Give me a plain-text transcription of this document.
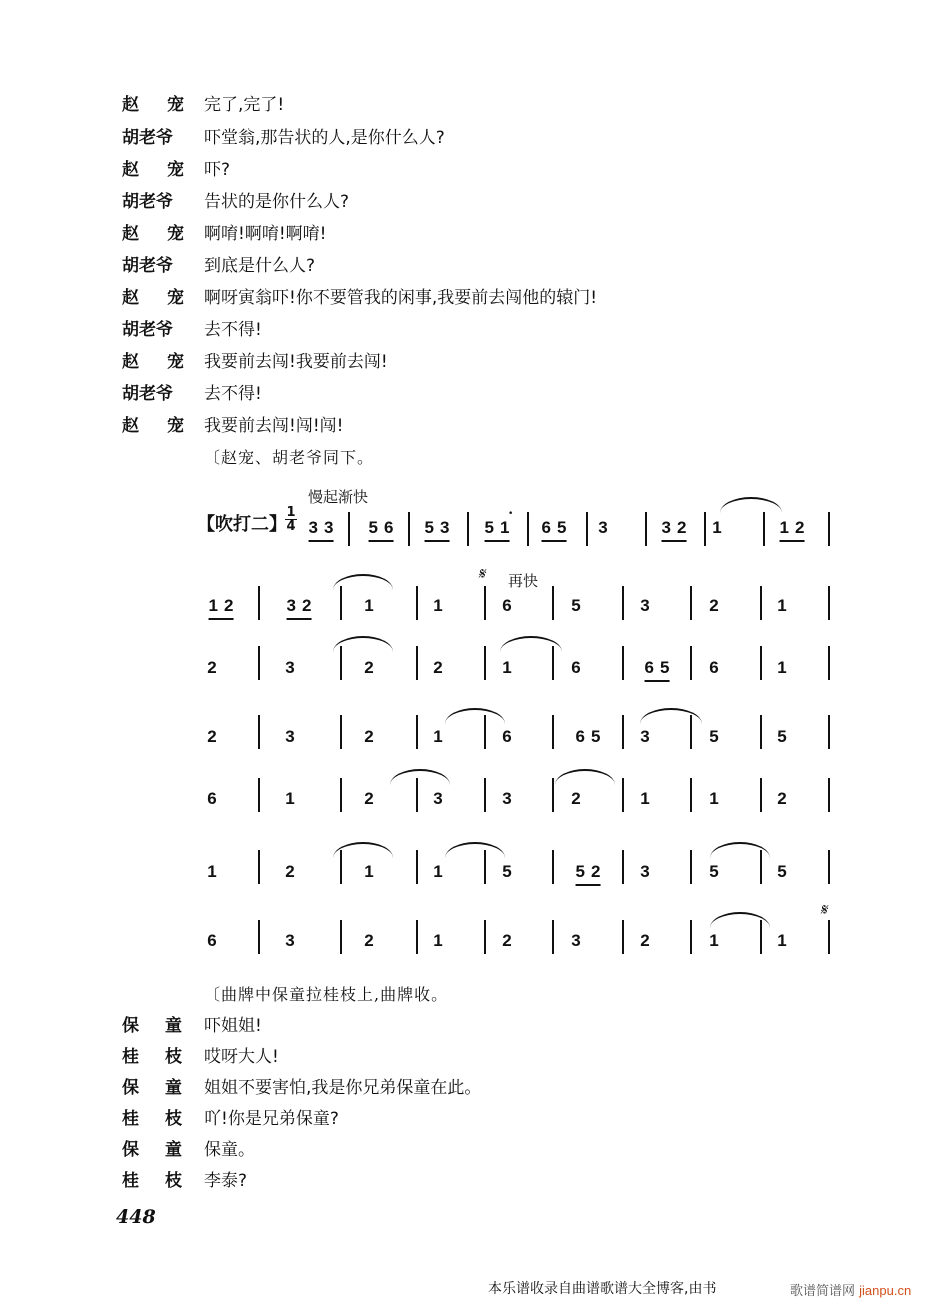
赵 宠 完了,完了!
胡老爷	吓堂翁,那告状的人,是你什么人?
赵 宠 吓?
胡老爷	告状的是你什么人?
赵 宠 啊唷!啊唷!啊唷!
胡老爷	到底是什么人?
赵 宠 啊呀寅翁吓!你不要管我的闲事,我要前去闯他的辕门!
胡老爷	去不得!
赵 宠 我要前去闯!我要前去闯!
胡老爷	去不得!
赵 宠 我要前去闯!闯!闯!
〔赵宠、胡老爷同下。
慢起渐快
【吹打二】
$\frac{1}{4} 33$ 56 53 51
•
65 3	32 1	12
𝄋 再快
12	32	1	1	6	5	3	2	1
2	3	2	2	1	6	65 6	1
2	3	2	1	6	65 3	5	5
6	1	2	3	3	2	1	1	2
1	2	1	1	5	52 3	5	5
𝄋
6	3	2	1	2	3	2	1	1
〔曲牌中保童拉桂枝上,曲牌收。
保 童 吓姐姐!
桂 枝 哎呀大人!
保 童 姐姐不要害怕,我是你兄弟保童在此。
桂 枝 吖!你是兄弟保童?
保 童 保童。
桂 枝 李泰?
448
本乐谱收录自曲谱歌谱大全博客,由书	歌谱简谱网 jianpu.cn
